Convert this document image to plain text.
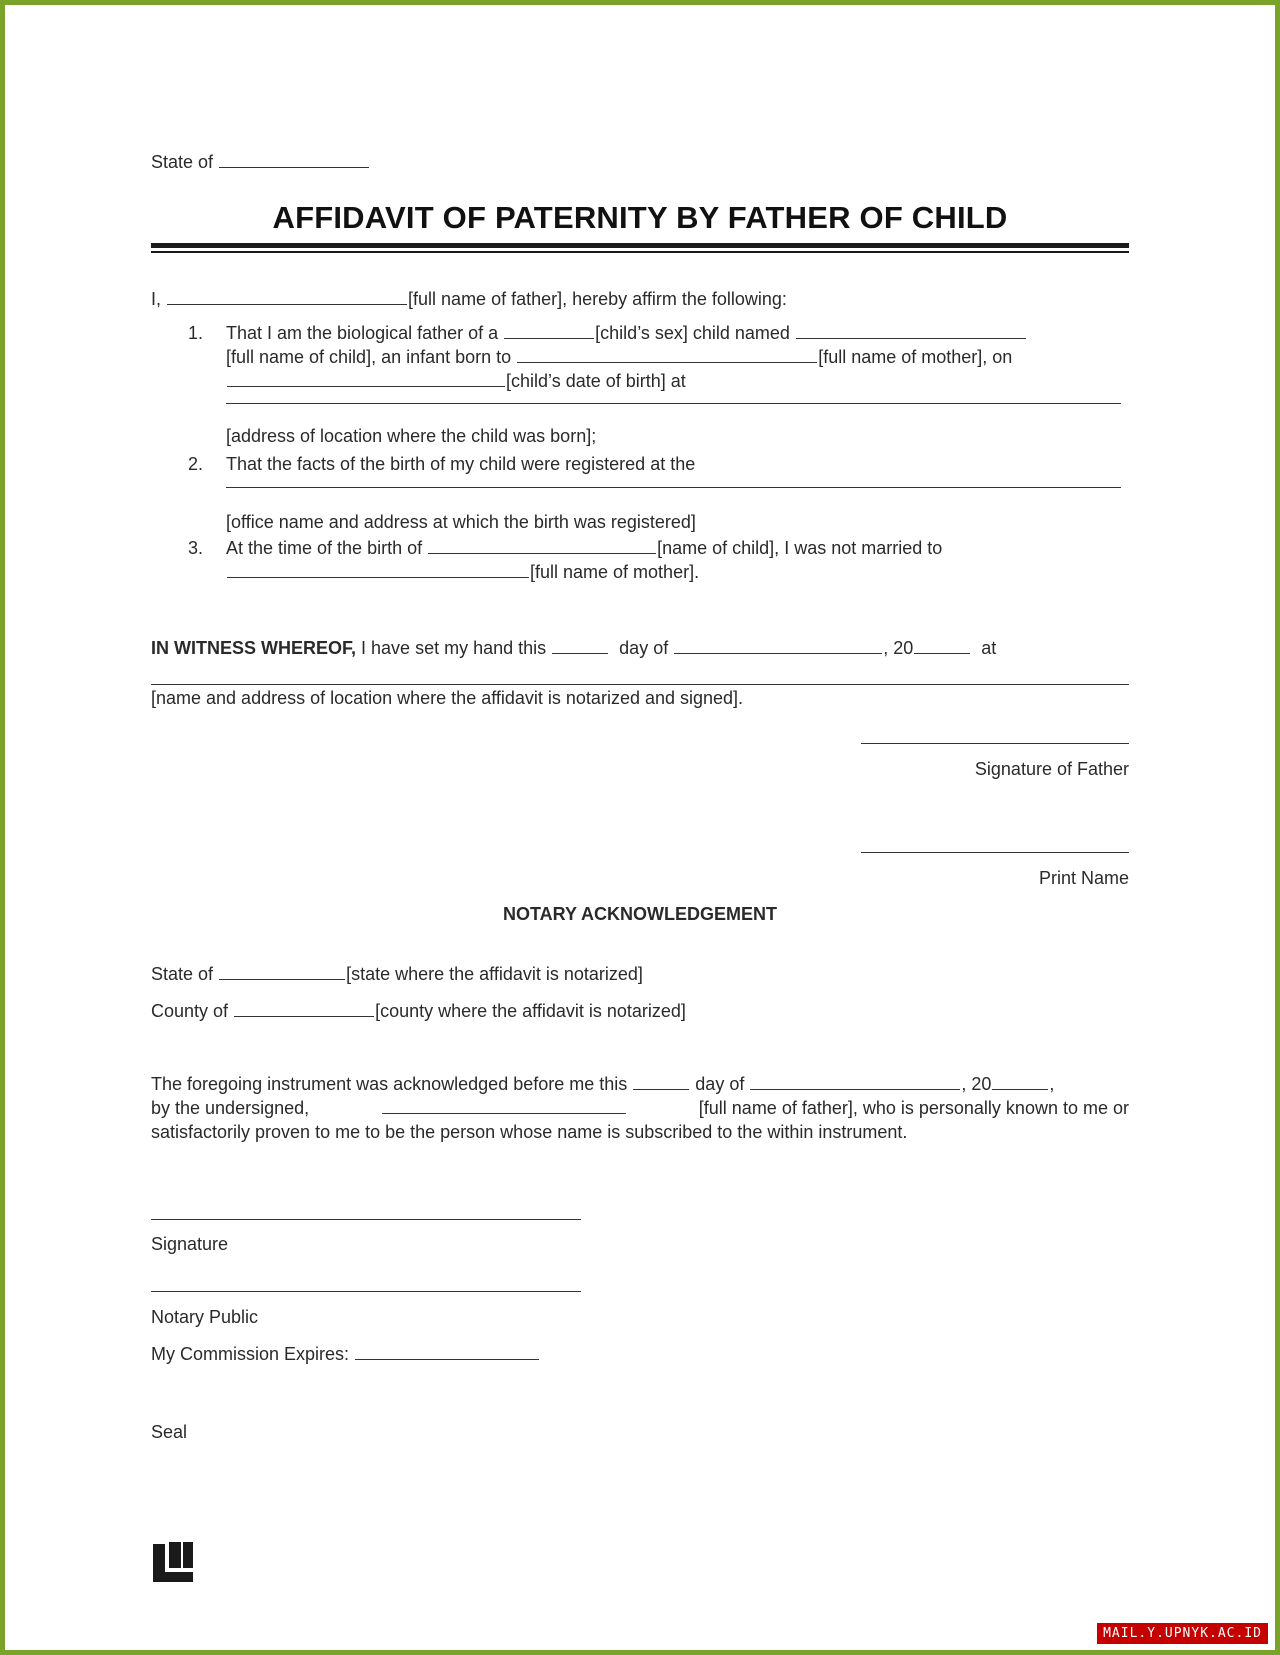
State of
AFFIDAVIT OF PATERNITY BY FATHER OF CHILD
I,	[full name of father], hereby affirm the following:
1. That I am the biological father of a	[child’s sex] child named
[full name of child], an infant born to	[full name of mother], on
[child’s date of birth] at
[address of location where the child was born];
2. That the facts of the birth of my child were registered at the
[office name and address at which the birth was registered]
3. At the time of the birth of	[name of child], I was not married to
[full name of mother].
IN WITNESS WHEREOF, I have set my hand this	day of	, 20	at
[name and address of location where the affidavit is notarized and signed].
Signature of Father
Print Name
NOTARY ACKNOWLEDGEMENT
State of	[state where the affidavit is notarized]
County of	[county where the affidavit is notarized]
The foregoing instrument was acknowledged before me this	day of	, 20	,
by the undersigned,	[full name of father], who is personally known to me or
satisfactorily proven to me to be the person whose name is subscribed to the within instrument.
Signature
Notary Public
My Commission Expires:
Seal
MAIL.Y.UPNYK.AC.ID
